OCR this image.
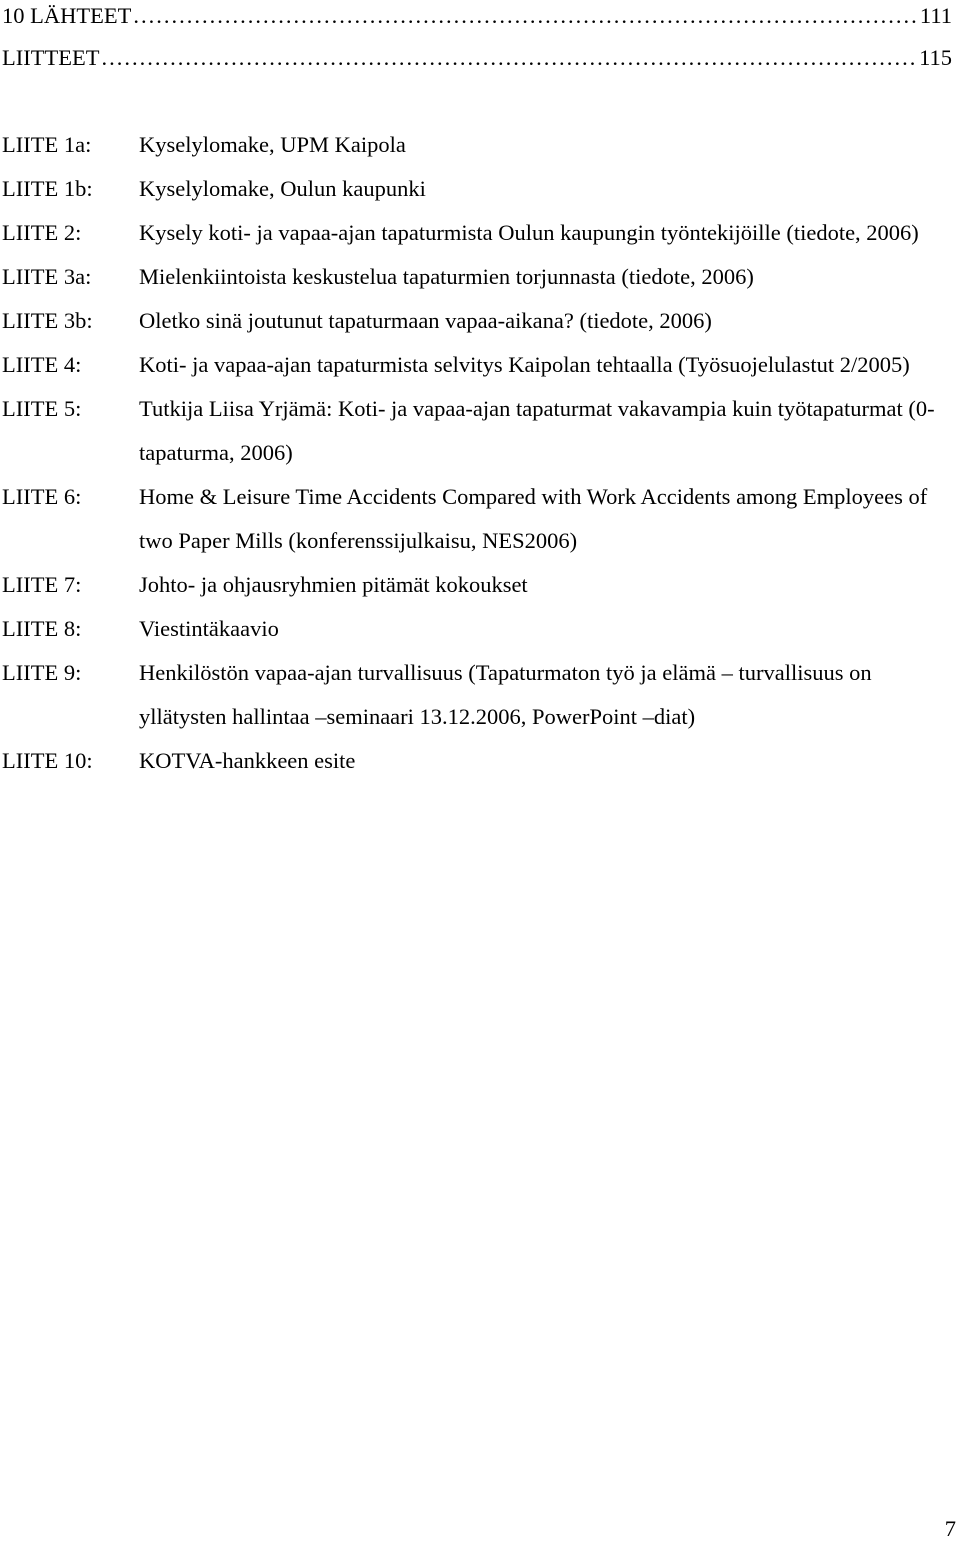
10 LÄHTEET .....	111
LIITTEET .....	115
LIITE 1a:	Kyselylomake, UPM Kaipola
LIITE 1b:	Kyselylomake, Oulun kaupunki
LIITE 2:	Kysely koti- ja vapaa-ajan tapaturmista Oulun kaupungin työntekijöille (tiedote, 2006)
LIITE 3a:	Mielenkiintoista keskustelua tapaturmien torjunnasta (tiedote, 2006)
LIITE 3b:	Oletko sinä joutunut tapaturmaan vapaa-aikana? (tiedote, 2006)
LIITE 4:	Koti- ja vapaa-ajan tapaturmista selvitys Kaipolan tehtaalla (Työsuojelulastut 2/2005)
LIITE 5:	Tutkija Liisa Yrjämä: Koti- ja vapaa-ajan tapaturmat vakavampia kuin työtapaturmat (0-tapaturma, 2006)
LIITE 6:	Home & Leisure Time Accidents Compared with Work Accidents among Employees of two Paper Mills (konferenssijulkaisu, NES2006)
LIITE 7:	Johto- ja ohjausryhmien pitämät kokoukset
LIITE 8:	Viestintäkaavio
LIITE 9:	Henkilöstön vapaa-ajan turvallisuus (Tapaturmaton työ ja elämä – turvallisuus on yllätysten hallintaa –seminaari 13.12.2006, PowerPoint –diat)
LIITE 10:	KOTVA-hankkeen esite
7
